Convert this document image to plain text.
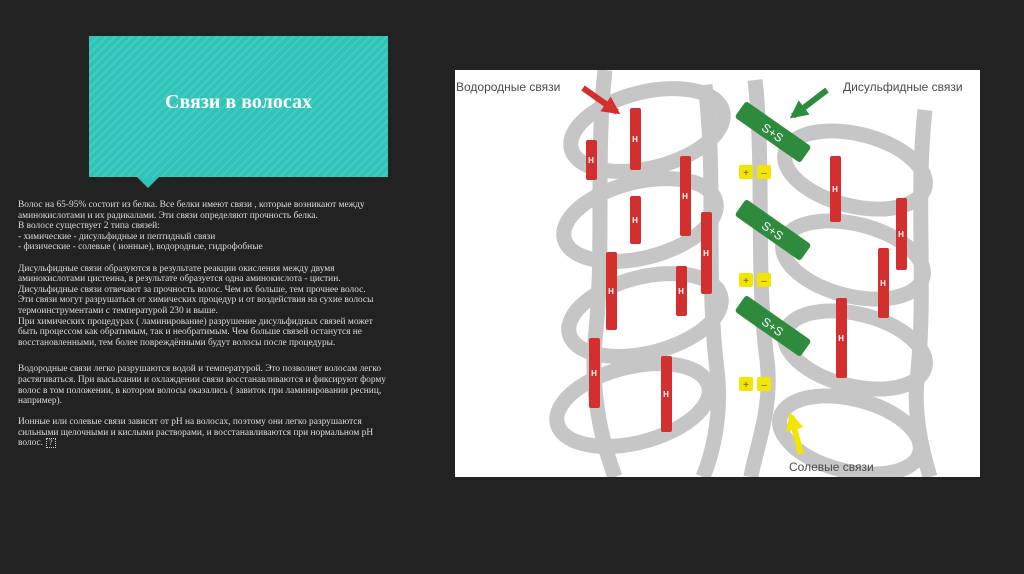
Связи в волосах
Волос на 65-95% состоит из белка. Все белки имеют связи , которые возникают между
аминокислотами и их радикалами. Эти связи определяют прочность белка.
В волосе существует 2 типа связей:
- химические - дисульфидные и пептидный связи
- физические - солевые ( ионные), водородные, гидрофобные
Дисульфидные связи образуются в результате реакции окисления между двумя
аминокислотами цистеина, в результате образуется одна аминокислота - цистин.
Дисульфидные связи отвечают за прочность волос. Чем их больше, тем прочнее волос.
Эти связи могут разрушаться от химических процедур и от воздействия на сухие волосы
термоинструментами с температурой 230 и выше.
При химических процедурах ( ламинирование) разрушение дисульфидных связей может
быть процессом как обратимым, так и необратимым. Чем больше связей останутся не
восстановленными, тем более повреждёнными будут волосы после процедуры.
Водородные связи легко разрушаются водой и температурой. Это позволяет волосам легко
растягиваться. При высыхании и охлаждении связи восстанавливаются и фиксируют форму
волос в том положении, в котором волосы оказались ( завиток при ламинировании ресниц,
например).
Ионные или солевые связи зависят от рН на волосах, поэтому они легко разрушаются
сильными щелочными и кислыми растворами, и восстанавливаются при нормальном рН
волос. ?
H
H
H
H
H	H
H
H
H
H
H
H
H
S+S
S+S
S+S
+ –
+ –
+ –
Водородные связи	Дисульфидные связи
Солевые связи
